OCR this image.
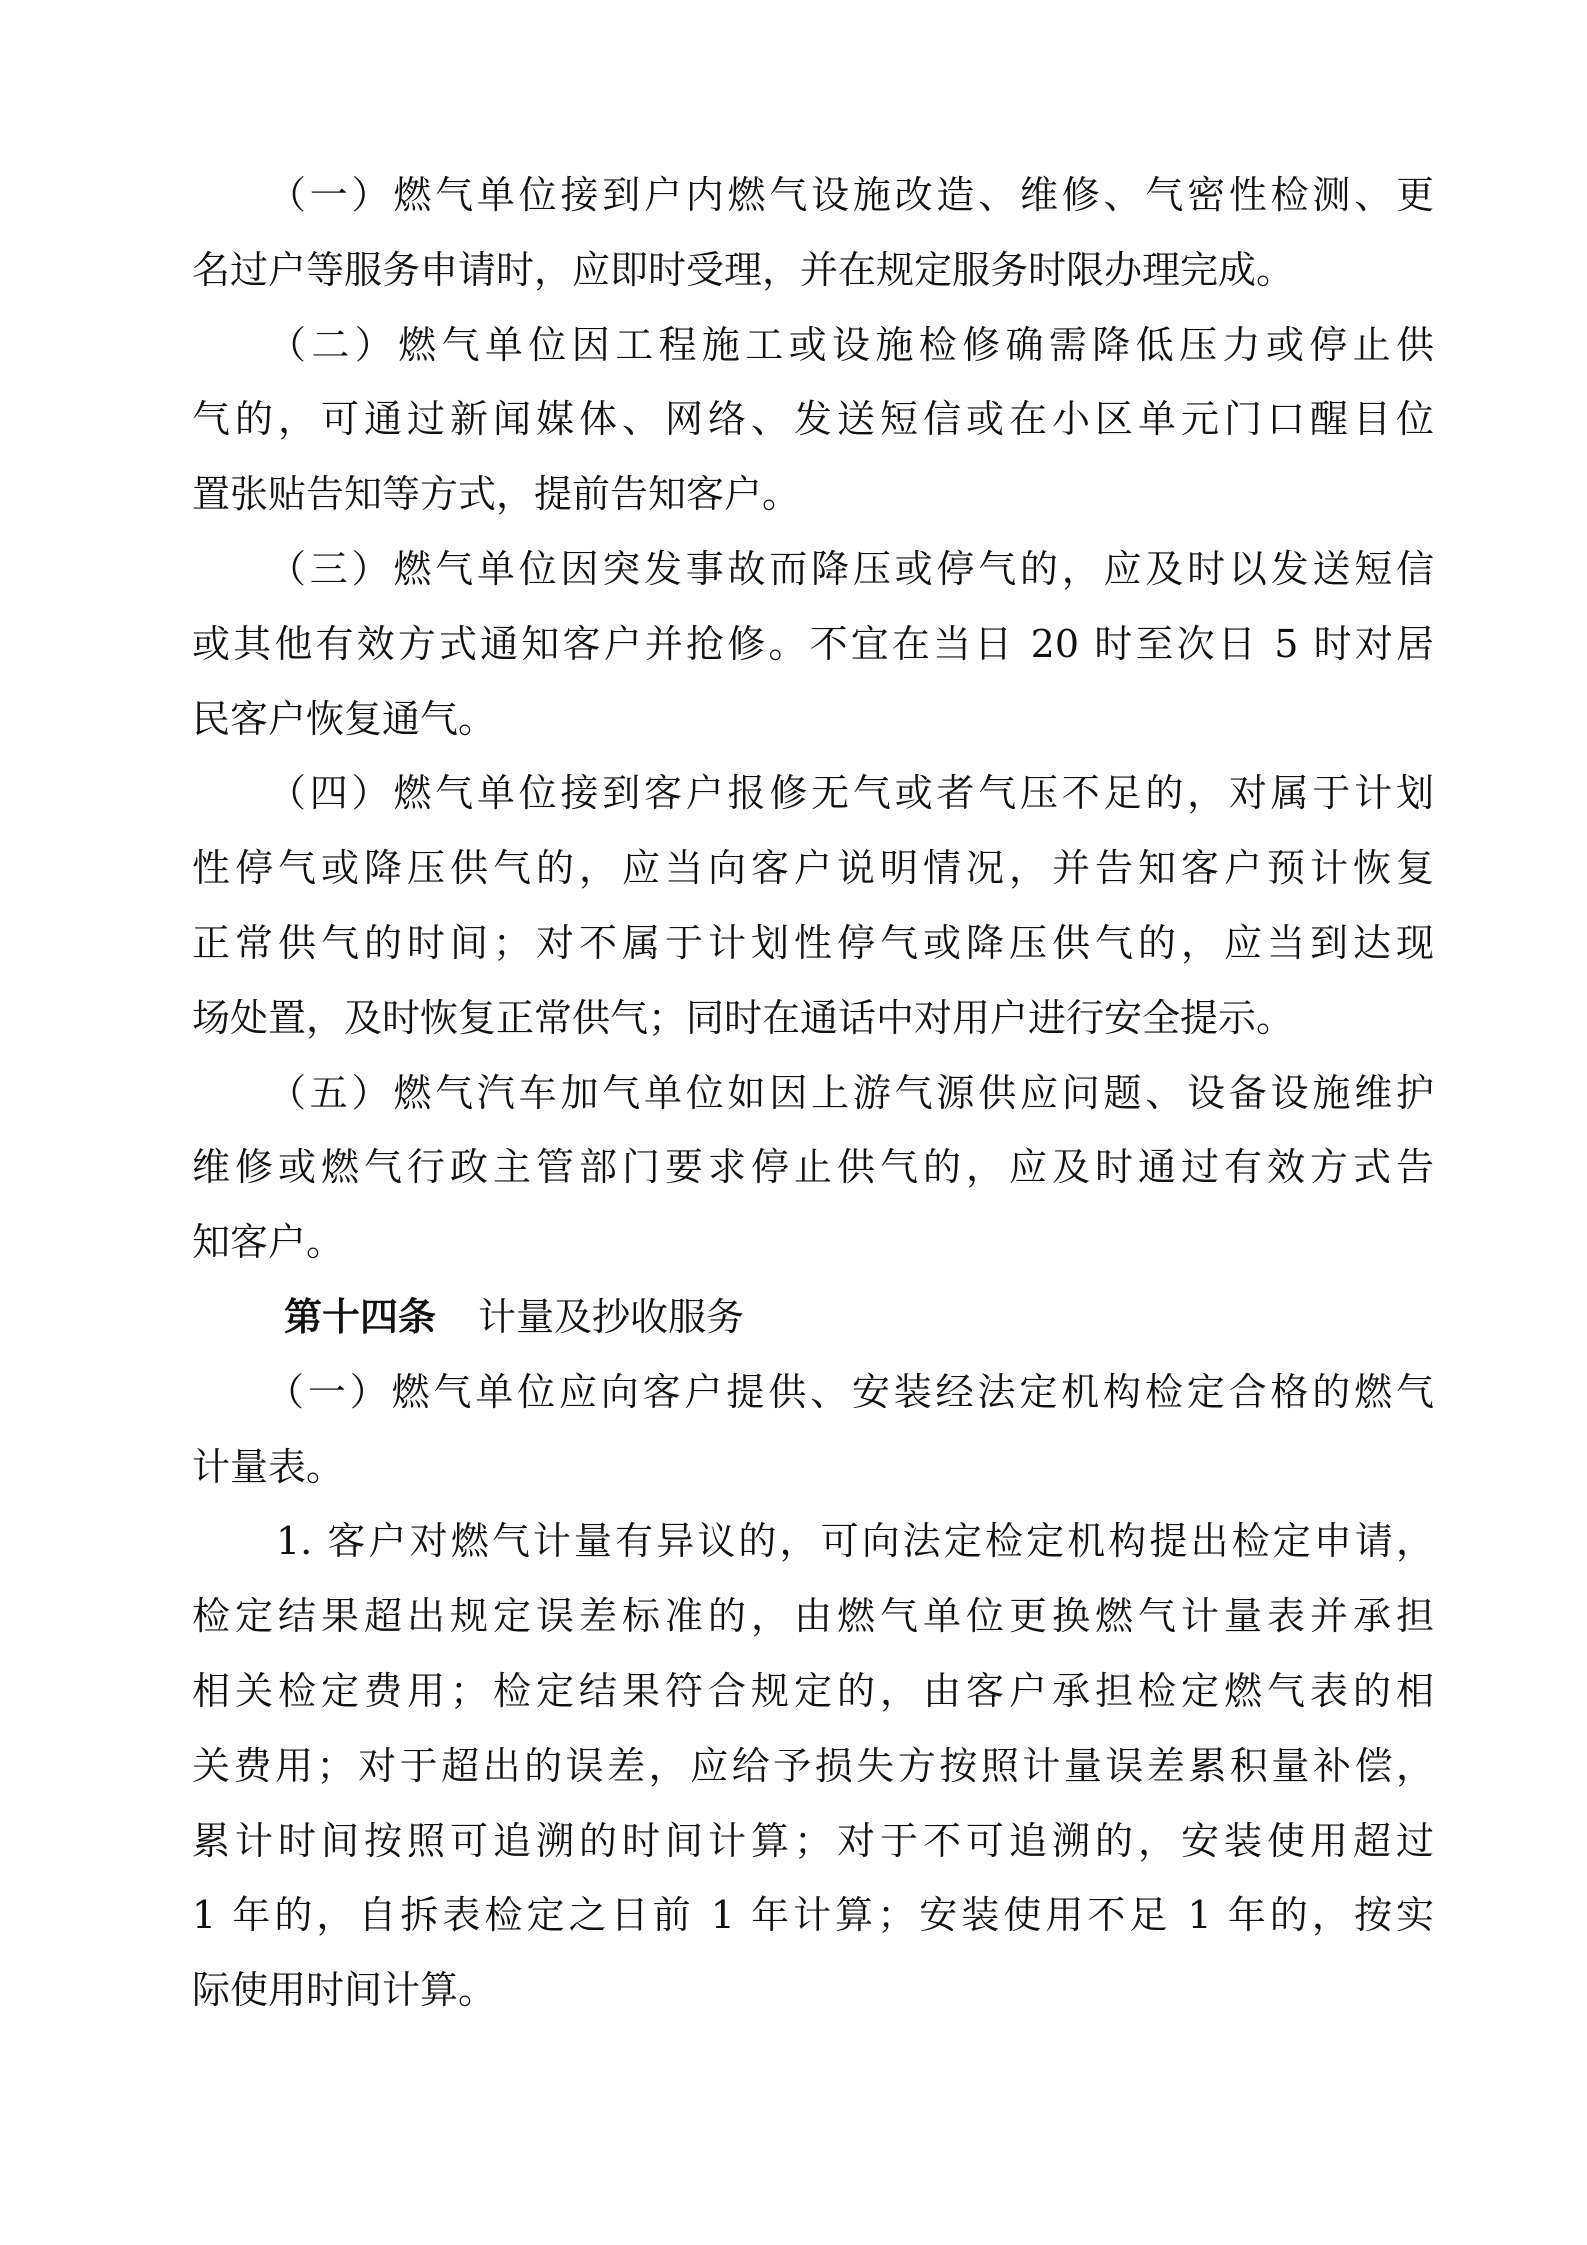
（一）燃气单位接到户内燃气设施改造、维修、气密性检测、更
名过户等服务申请时，应即时受理，并在规定服务时限办理完成。
（二）燃气单位因工程施工或设施检修确需降低压力或停止供
气的，可通过新闻媒体、网络、发送短信或在小区单元门口醒目位
置张贴告知等方式，提前告知客户。
（三）燃气单位因突发事故而降压或停气的，应及时以发送短信
或其他有效方式通知客户并抢修。不宜在当日 20 时至次日 5 时对居
民客户恢复通气。
（四）燃气单位接到客户报修无气或者气压不足的，对属于计划
性停气或降压供气的，应当向客户说明情况，并告知客户预计恢复
正常供气的时间；对不属于计划性停气或降压供气的，应当到达现
场处置，及时恢复正常供气；同时在通话中对用户进行安全提示。
（五）燃气汽车加气单位如因上游气源供应问题、设备设施维护
维修或燃气行政主管部门要求停止供气的，应及时通过有效方式告
知客户。
第十四条 计量及抄收服务
（一）燃气单位应向客户提供、安装经法定机构检定合格的燃气
计量表。
1. 客户对燃气计量有异议的，可向法定检定机构提出检定申请，
检定结果超出规定误差标准的，由燃气单位更换燃气计量表并承担
相关检定费用；检定结果符合规定的，由客户承担检定燃气表的相
关费用；对于超出的误差，应给予损失方按照计量误差累积量补偿，
累计时间按照可追溯的时间计算；对于不可追溯的，安装使用超过
1 年的，自拆表检定之日前 1 年计算；安装使用不足 1 年的，按实
际使用时间计算。
